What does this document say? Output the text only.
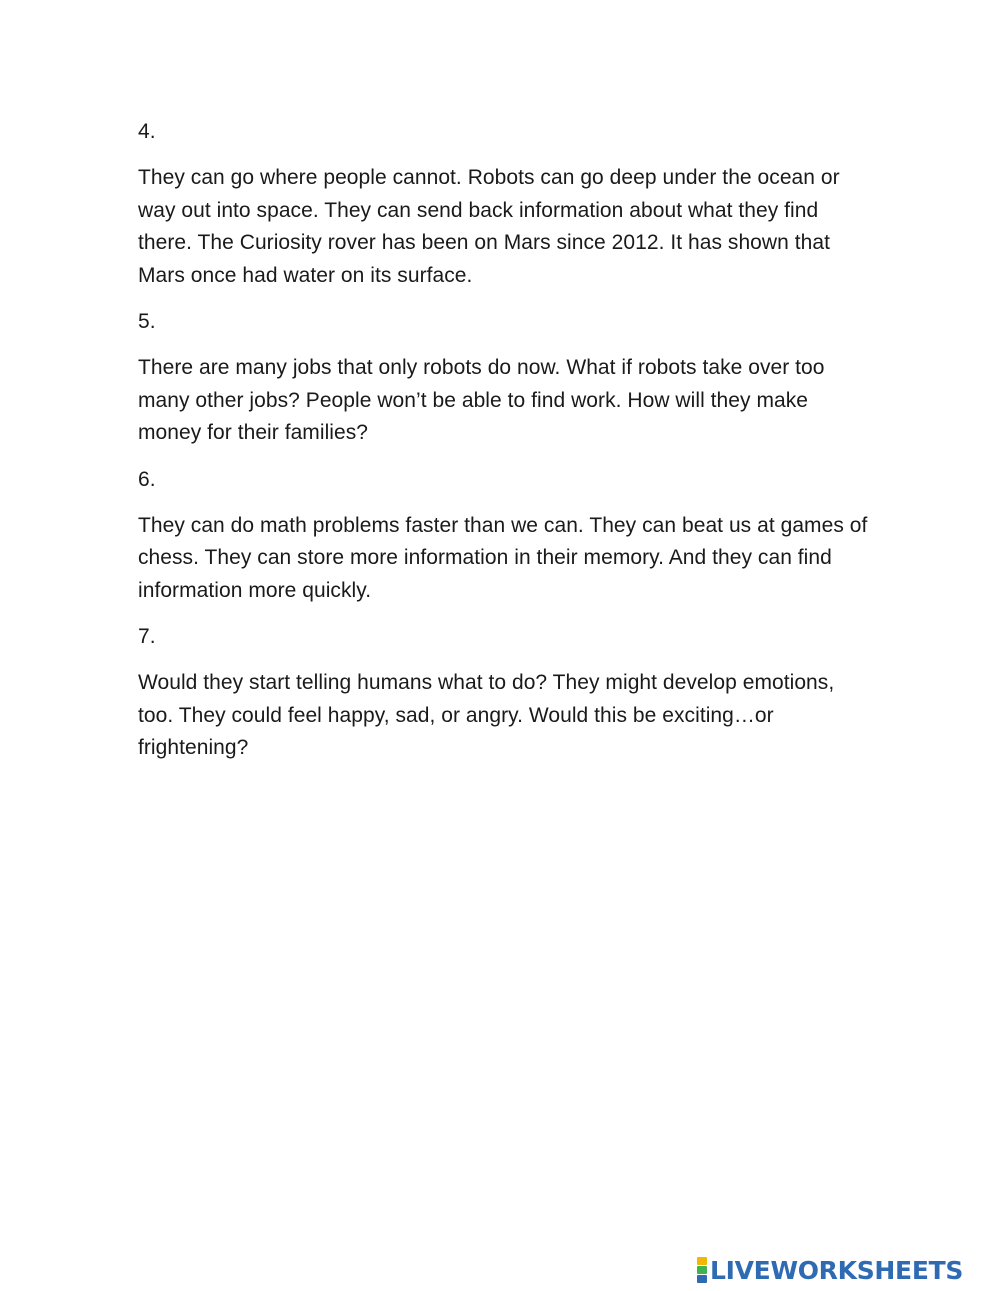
4.

They can go where people cannot. Robots can go deep under the ocean or way out into space. They can send back information about what they find there. The Curiosity rover has been on Mars since 2012. It has shown that Mars once had water on its surface.

5.

There are many jobs that only robots do now. What if robots take over too many other jobs? People won’t be able to find work. How will they make money for their families?

6.

They can do math problems faster than we can. They can beat us at games of chess. They can store more information in their memory. And they can find information more quickly.

7.

Would they start telling humans what to do? They might develop emotions, too. They could feel happy, sad, or angry. Would this be exciting…or frightening?

LIVEWORKSHEETS
